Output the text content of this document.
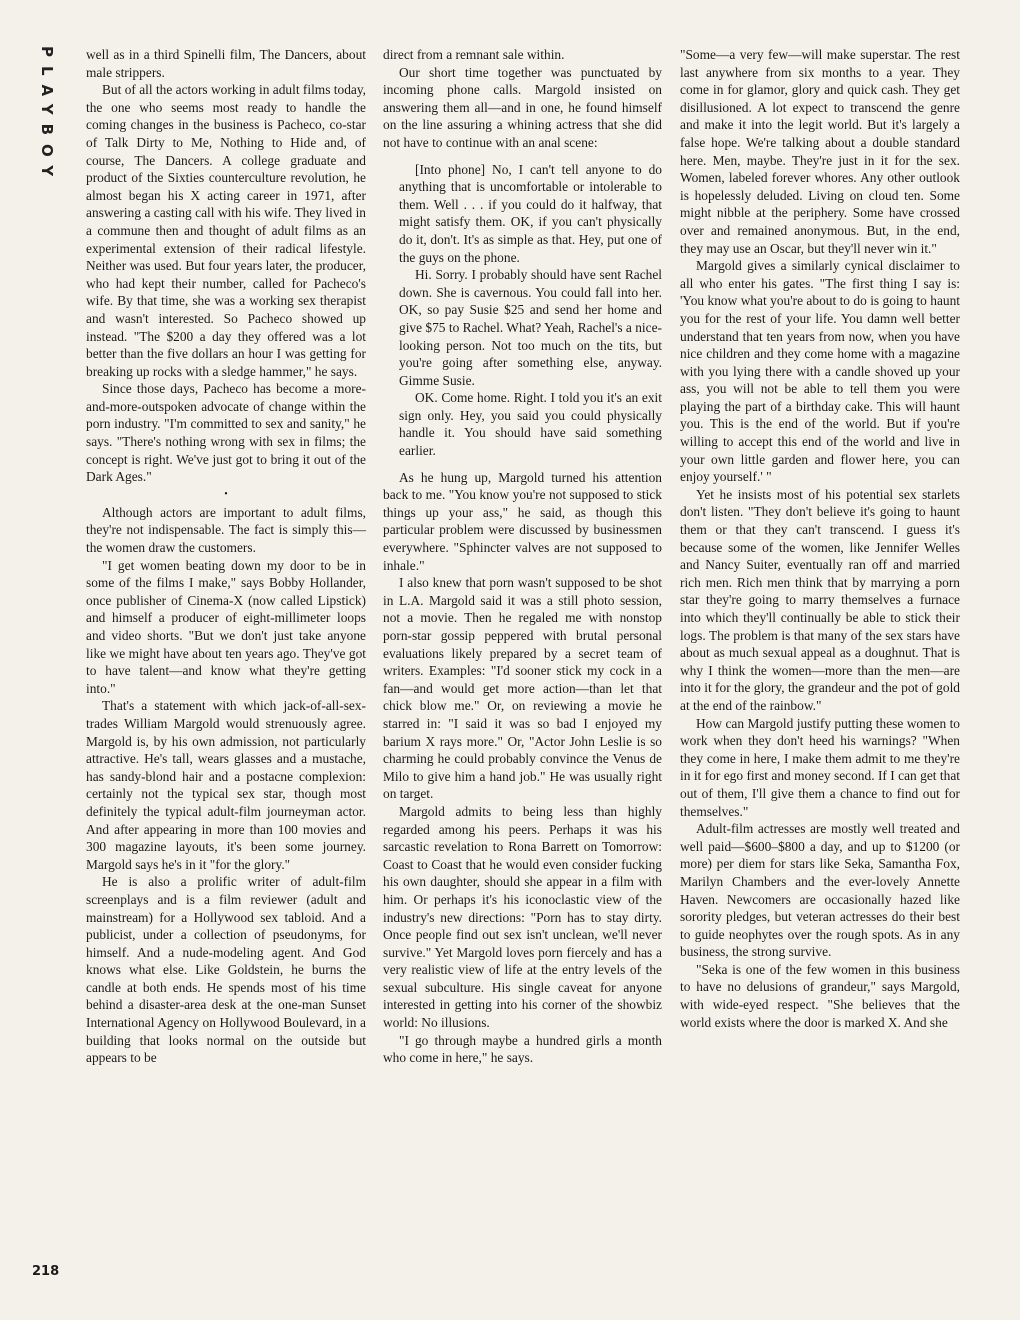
PLAYBOY
218

well as in a third Spinelli film, The Dancers, about male strippers.

But of all the actors working in adult films today, the one who seems most ready to handle the coming changes in the business is Pacheco, co-star of Talk Dirty to Me, Nothing to Hide and, of course, The Dancers. A college graduate and product of the Sixties counterculture revolution, he almost began his X acting career in 1971, after answering a casting call with his wife. They lived in a commune then and thought of adult films as an experimental extension of their radical lifestyle. Neither was used. But four years later, the producer, who had kept their number, called for Pacheco's wife. By that time, she was a working sex therapist and wasn't interested. So Pacheco showed up instead. "The $200 a day they offered was a lot better than the five dollars an hour I was getting for breaking up rocks with a sledge hammer," he says.

Since those days, Pacheco has become a more-and-more-outspoken advocate of change within the porn industry. "I'm committed to sex and sanity," he says. "There's nothing wrong with sex in films; the concept is right. We've just got to bring it out of the Dark Ages."

•

Although actors are important to adult films, they're not indispensable. The fact is simply this—the women draw the customers.

"I get women beating down my door to be in some of the films I make," says Bobby Hollander, once publisher of Cinema-X (now called Lipstick) and himself a producer of eight-millimeter loops and video shorts. "But we don't just take anyone like we might have about ten years ago. They've got to have talent—and know what they're getting into."

That's a statement with which jack-of-all-sex-trades William Margold would strenuously agree. Margold is, by his own admission, not particularly attractive. He's tall, wears glasses and a mustache, has sandy-blond hair and a postacne complexion: certainly not the typical sex star, though most definitely the typical adult-film journeyman actor. And after appearing in more than 100 movies and 300 magazine layouts, it's been some journey. Margold says he's in it "for the glory."

He is also a prolific writer of adult-film screenplays and is a film reviewer (adult and mainstream) for a Hollywood sex tabloid. And a publicist, under a collection of pseudonyms, for himself. And a nude-modeling agent. And God knows what else. Like Goldstein, he burns the candle at both ends. He spends most of his time behind a disaster-area desk at the one-man Sunset International Agency on Hollywood Boulevard, in a building that looks normal on the outside but appears to be

direct from a remnant sale within.

Our short time together was punctuated by incoming phone calls. Margold insisted on answering them all—and in one, he found himself on the line assuring a whining actress that she did not have to continue with an anal scene:

[Into phone] No, I can't tell anyone to do anything that is uncomfortable or intolerable to them. Well . . . if you could do it halfway, that might satisfy them. OK, if you can't physically do it, don't. It's as simple as that. Hey, put one of the guys on the phone.

Hi. Sorry. I probably should have sent Rachel down. She is cavernous. You could fall into her. OK, so pay Susie $25 and send her home and give $75 to Rachel. What? Yeah, Rachel's a nice-looking person. Not too much on the tits, but you're going after something else, anyway. Gimme Susie.

OK. Come home. Right. I told you it's an exit sign only. Hey, you said you could physically handle it. You should have said something earlier.

As he hung up, Margold turned his attention back to me. "You know you're not supposed to stick things up your ass," he said, as though this particular problem were discussed by businessmen everywhere. "Sphincter valves are not supposed to inhale."

I also knew that porn wasn't supposed to be shot in L.A. Margold said it was a still photo session, not a movie. Then he regaled me with nonstop porn-star gossip peppered with brutal personal evaluations likely prepared by a secret team of writers. Examples: "I'd sooner stick my cock in a fan—and would get more action—than let that chick blow me." Or, on reviewing a movie he starred in: "I said it was so bad I enjoyed my barium X rays more." Or, "Actor John Leslie is so charming he could probably convince the Venus de Milo to give him a hand job." He was usually right on target.

Margold admits to being less than highly regarded among his peers. Perhaps it was his sarcastic revelation to Rona Barrett on Tomorrow: Coast to Coast that he would even consider fucking his own daughter, should she appear in a film with him. Or perhaps it's his iconoclastic view of the industry's new directions: "Porn has to stay dirty. Once people find out sex isn't unclean, we'll never survive." Yet Margold loves porn fiercely and has a very realistic view of life at the entry levels of the sexual subculture. His single caveat for anyone interested in getting into his corner of the showbiz world: No illusions.

"I go through maybe a hundred girls a month who come in here," he says.

"Some—a very few—will make superstar. The rest last anywhere from six months to a year. They come in for glamor, glory and quick cash. They get disillusioned. A lot expect to transcend the genre and make it into the legit world. But it's largely a false hope. We're talking about a double standard here. Men, maybe. They're just in it for the sex. Women, labeled forever whores. Any other outlook is hopelessly deluded. Living on cloud ten. Some might nibble at the periphery. Some have crossed over and remained anonymous. But, in the end, they may use an Oscar, but they'll never win it."

Margold gives a similarly cynical disclaimer to all who enter his gates. "The first thing I say is: 'You know what you're about to do is going to haunt you for the rest of your life. You damn well better understand that ten years from now, when you have nice children and they come home with a magazine with you lying there with a candle shoved up your ass, you will not be able to tell them you were playing the part of a birthday cake. This will haunt you. This is the end of the world. But if you're willing to accept this end of the world and live in your own little garden and flower here, you can enjoy yourself.' "

Yet he insists most of his potential sex starlets don't listen. "They don't believe it's going to haunt them or that they can't transcend. I guess it's because some of the women, like Jennifer Welles and Nancy Suiter, eventually ran off and married rich men. Rich men think that by marrying a porn star they're going to marry themselves a furnace into which they'll continually be able to stick their logs. The problem is that many of the sex stars have about as much sexual appeal as a doughnut. That is why I think the women—more than the men—are into it for the glory, the grandeur and the pot of gold at the end of the rainbow."

How can Margold justify putting these women to work when they don't heed his warnings? "When they come in here, I make them admit to me they're in it for ego first and money second. If I can get that out of them, I'll give them a chance to find out for themselves."

Adult-film actresses are mostly well treated and well paid—$600–$800 a day, and up to $1200 (or more) per diem for stars like Seka, Samantha Fox, Marilyn Chambers and the ever-lovely Annette Haven. Newcomers are occasionally hazed like sorority pledges, but veteran actresses do their best to guide neophytes over the rough spots. As in any business, the strong survive.

"Seka is one of the few women in this business to have no delusions of grandeur," says Margold, with wide-eyed respect. "She believes that the world exists where the door is marked X. And she
